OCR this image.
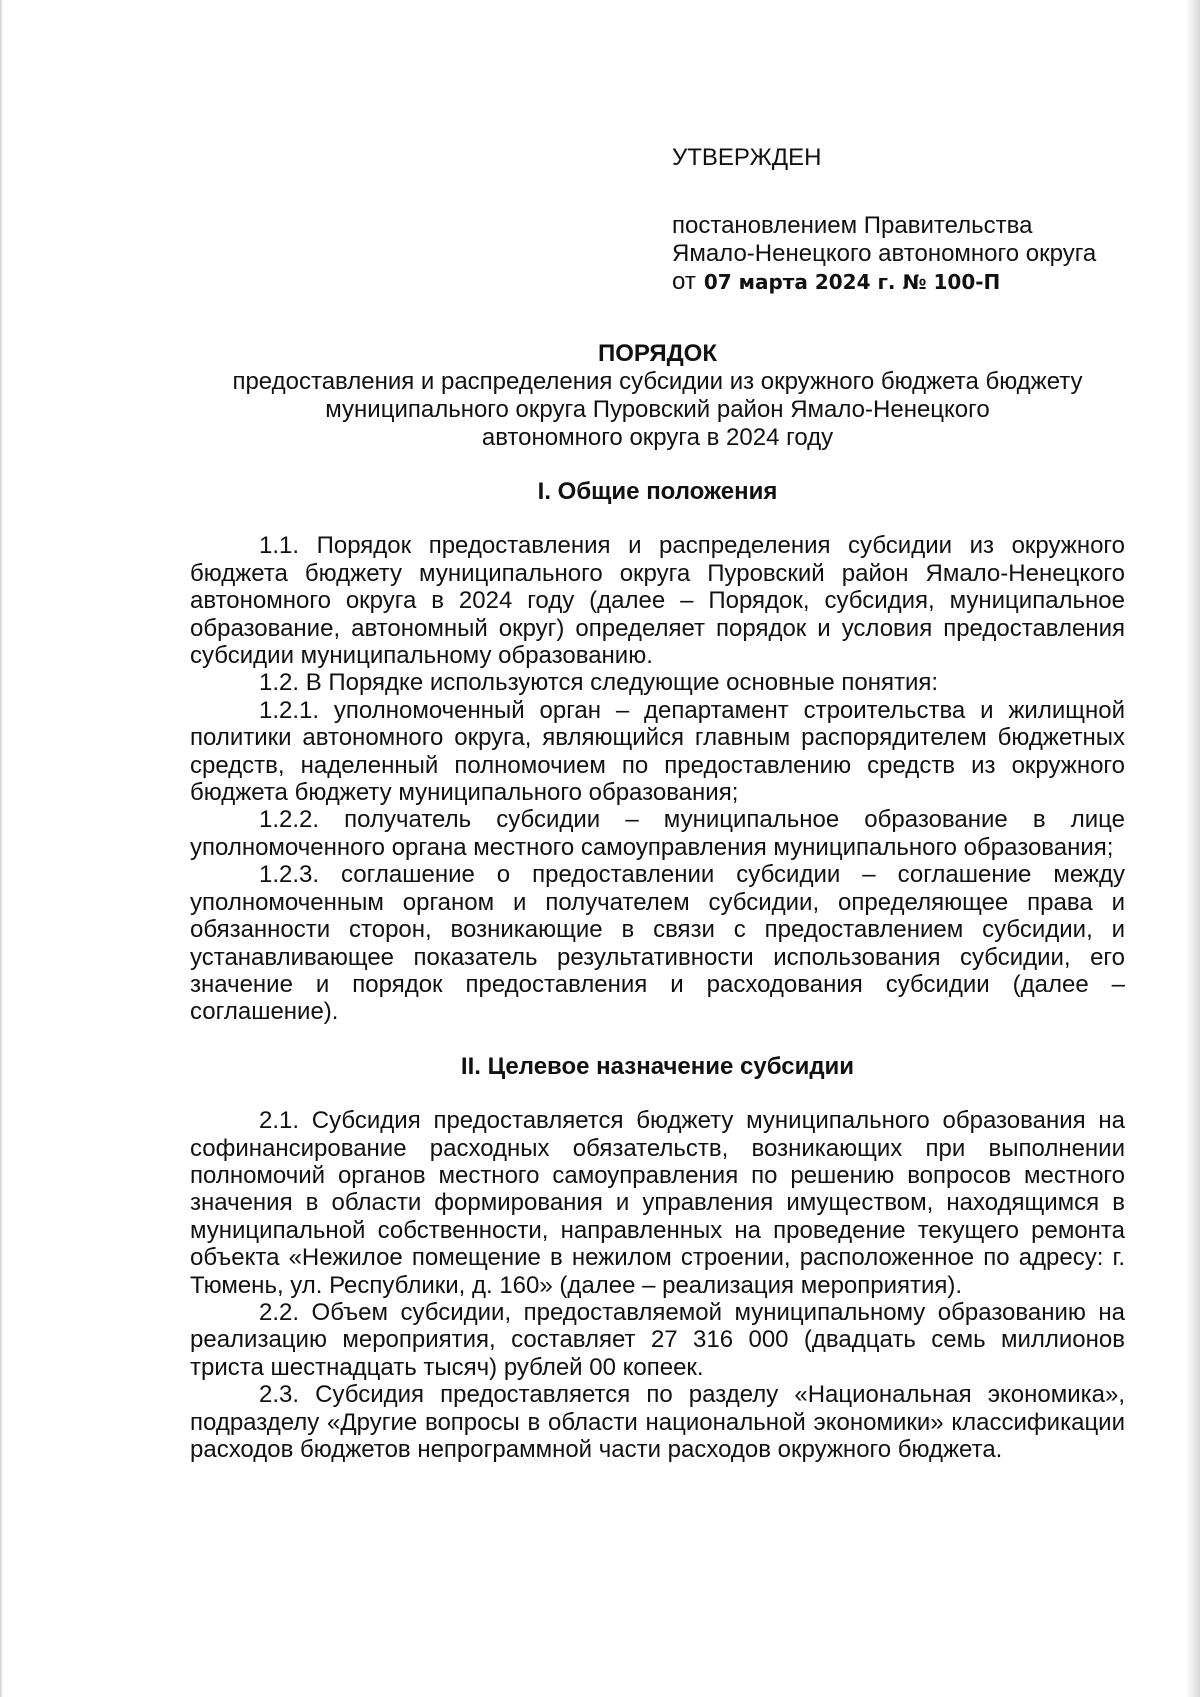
УТВЕРЖДЕН
постановлением Правительства
Ямало-Ненецкого автономного округа
от 07 марта 2024 г. № 100-П
ПОРЯДОК
предоставления и распределения субсидии из окружного бюджета бюджету
муниципального округа Пуровский район Ямало-Ненецкого
автономного округа в 2024 году

I. Общие положения

1.1. Порядок предоставления и распределения субсидии из окружного бюджета бюджету муниципального округа Пуровский район Ямало-Ненецкого автономного округа в 2024 году (далее – Порядок, субсидия, муниципальное образование, автономный округ) определяет порядок и условия предоставления субсидии муниципальному образованию.

1.2. В Порядке используются следующие основные понятия:

1.2.1. уполномоченный орган – департамент строительства и жилищной политики автономного округа, являющийся главным распорядителем бюджетных средств, наделенный полномочием по предоставлению средств из окружного бюджета бюджету муниципального образования;

1.2.2. получатель субсидии – муниципальное образование в лице уполномоченного органа местного самоуправления муниципального образования;

1.2.3. соглашение о предоставлении субсидии – соглашение между уполномоченным органом и получателем субсидии, определяющее права и обязанности сторон, возникающие в связи с предоставлением субсидии, и устанавливающее показатель результативности использования субсидии, его значение и порядок предоставления и расходования субсидии (далее – соглашение).

II. Целевое назначение субсидии

2.1. Субсидия предоставляется бюджету муниципального образования на софинансирование расходных обязательств, возникающих при выполнении полномочий органов местного самоуправления по решению вопросов местного значения в области формирования и управления имуществом, находящимся в муниципальной собственности, направленных на проведение текущего ремонта объекта «Нежилое помещение в нежилом строении, расположенное по адресу: г. Тюмень, ул. Республики, д. 160» (далее – реализация мероприятия).

2.2. Объем субсидии, предоставляемой муниципальному образованию на реализацию мероприятия, составляет 27 316 000 (двадцать семь миллионов триста шестнадцать тысяч) рублей 00 копеек.

2.3. Субсидия предоставляется по разделу «Национальная экономика», подразделу «Другие вопросы в области национальной экономики» классификации расходов бюджетов непрограммной части расходов окружного бюджета.
